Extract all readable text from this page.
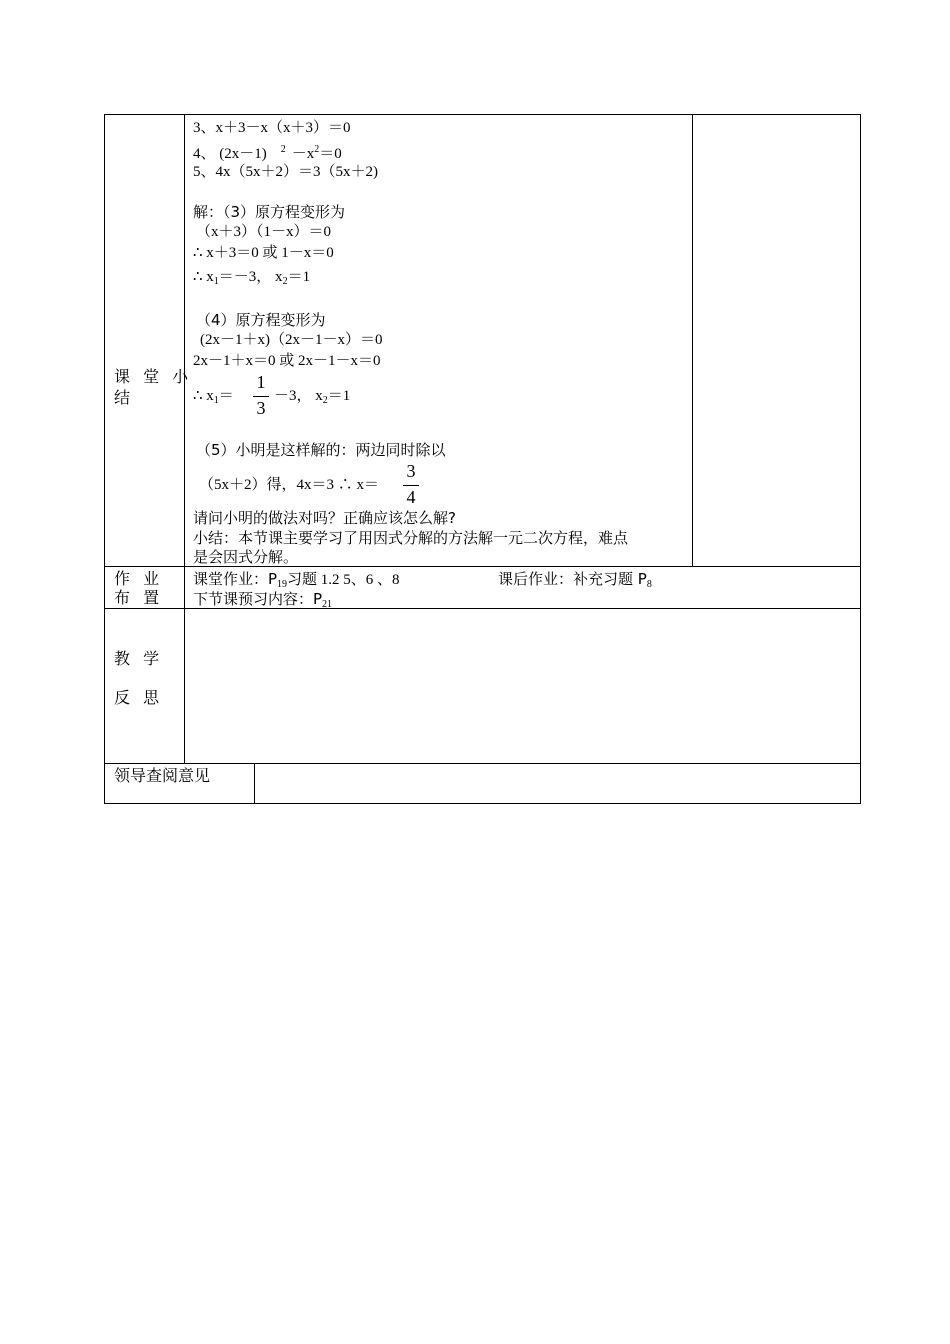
课 堂 小
结
3、x＋3－x（x＋3）＝0
4、 (2x－1) $^2 -x^2=0$
5、4x（5x＋2）＝3（5x＋2)
解：（3）原方程变形为
（x＋3）（1－x）＝0
∴ x＋3＝0 或 1－x＝0
∴ $x_1=-3$， $x_2=1$
（4）原方程变形为
(2x－1＋x)（2x－1－x）＝0
2x－1＋x＝0 或 2x－1－x＝0
∴ $x_1=$
1
3
－3， $x_2=1$
（5）小明是这样解的：两边同时除以
（5x＋2）得，4x＝3 ∴ x＝
3
4
请问小明的做法对吗？正确应该怎么解?
小结：本节课主要学习了用因式分解的方法解一元二次方程，难点
是会因式分解。
作 业
布 置
课堂作业：$P_{19}$习题 1.2 5、6 、8	课后作业：补充习题 $P_8$
下节课预习内容：$P_{21}$
教 学
反 思
领导查阅意见
